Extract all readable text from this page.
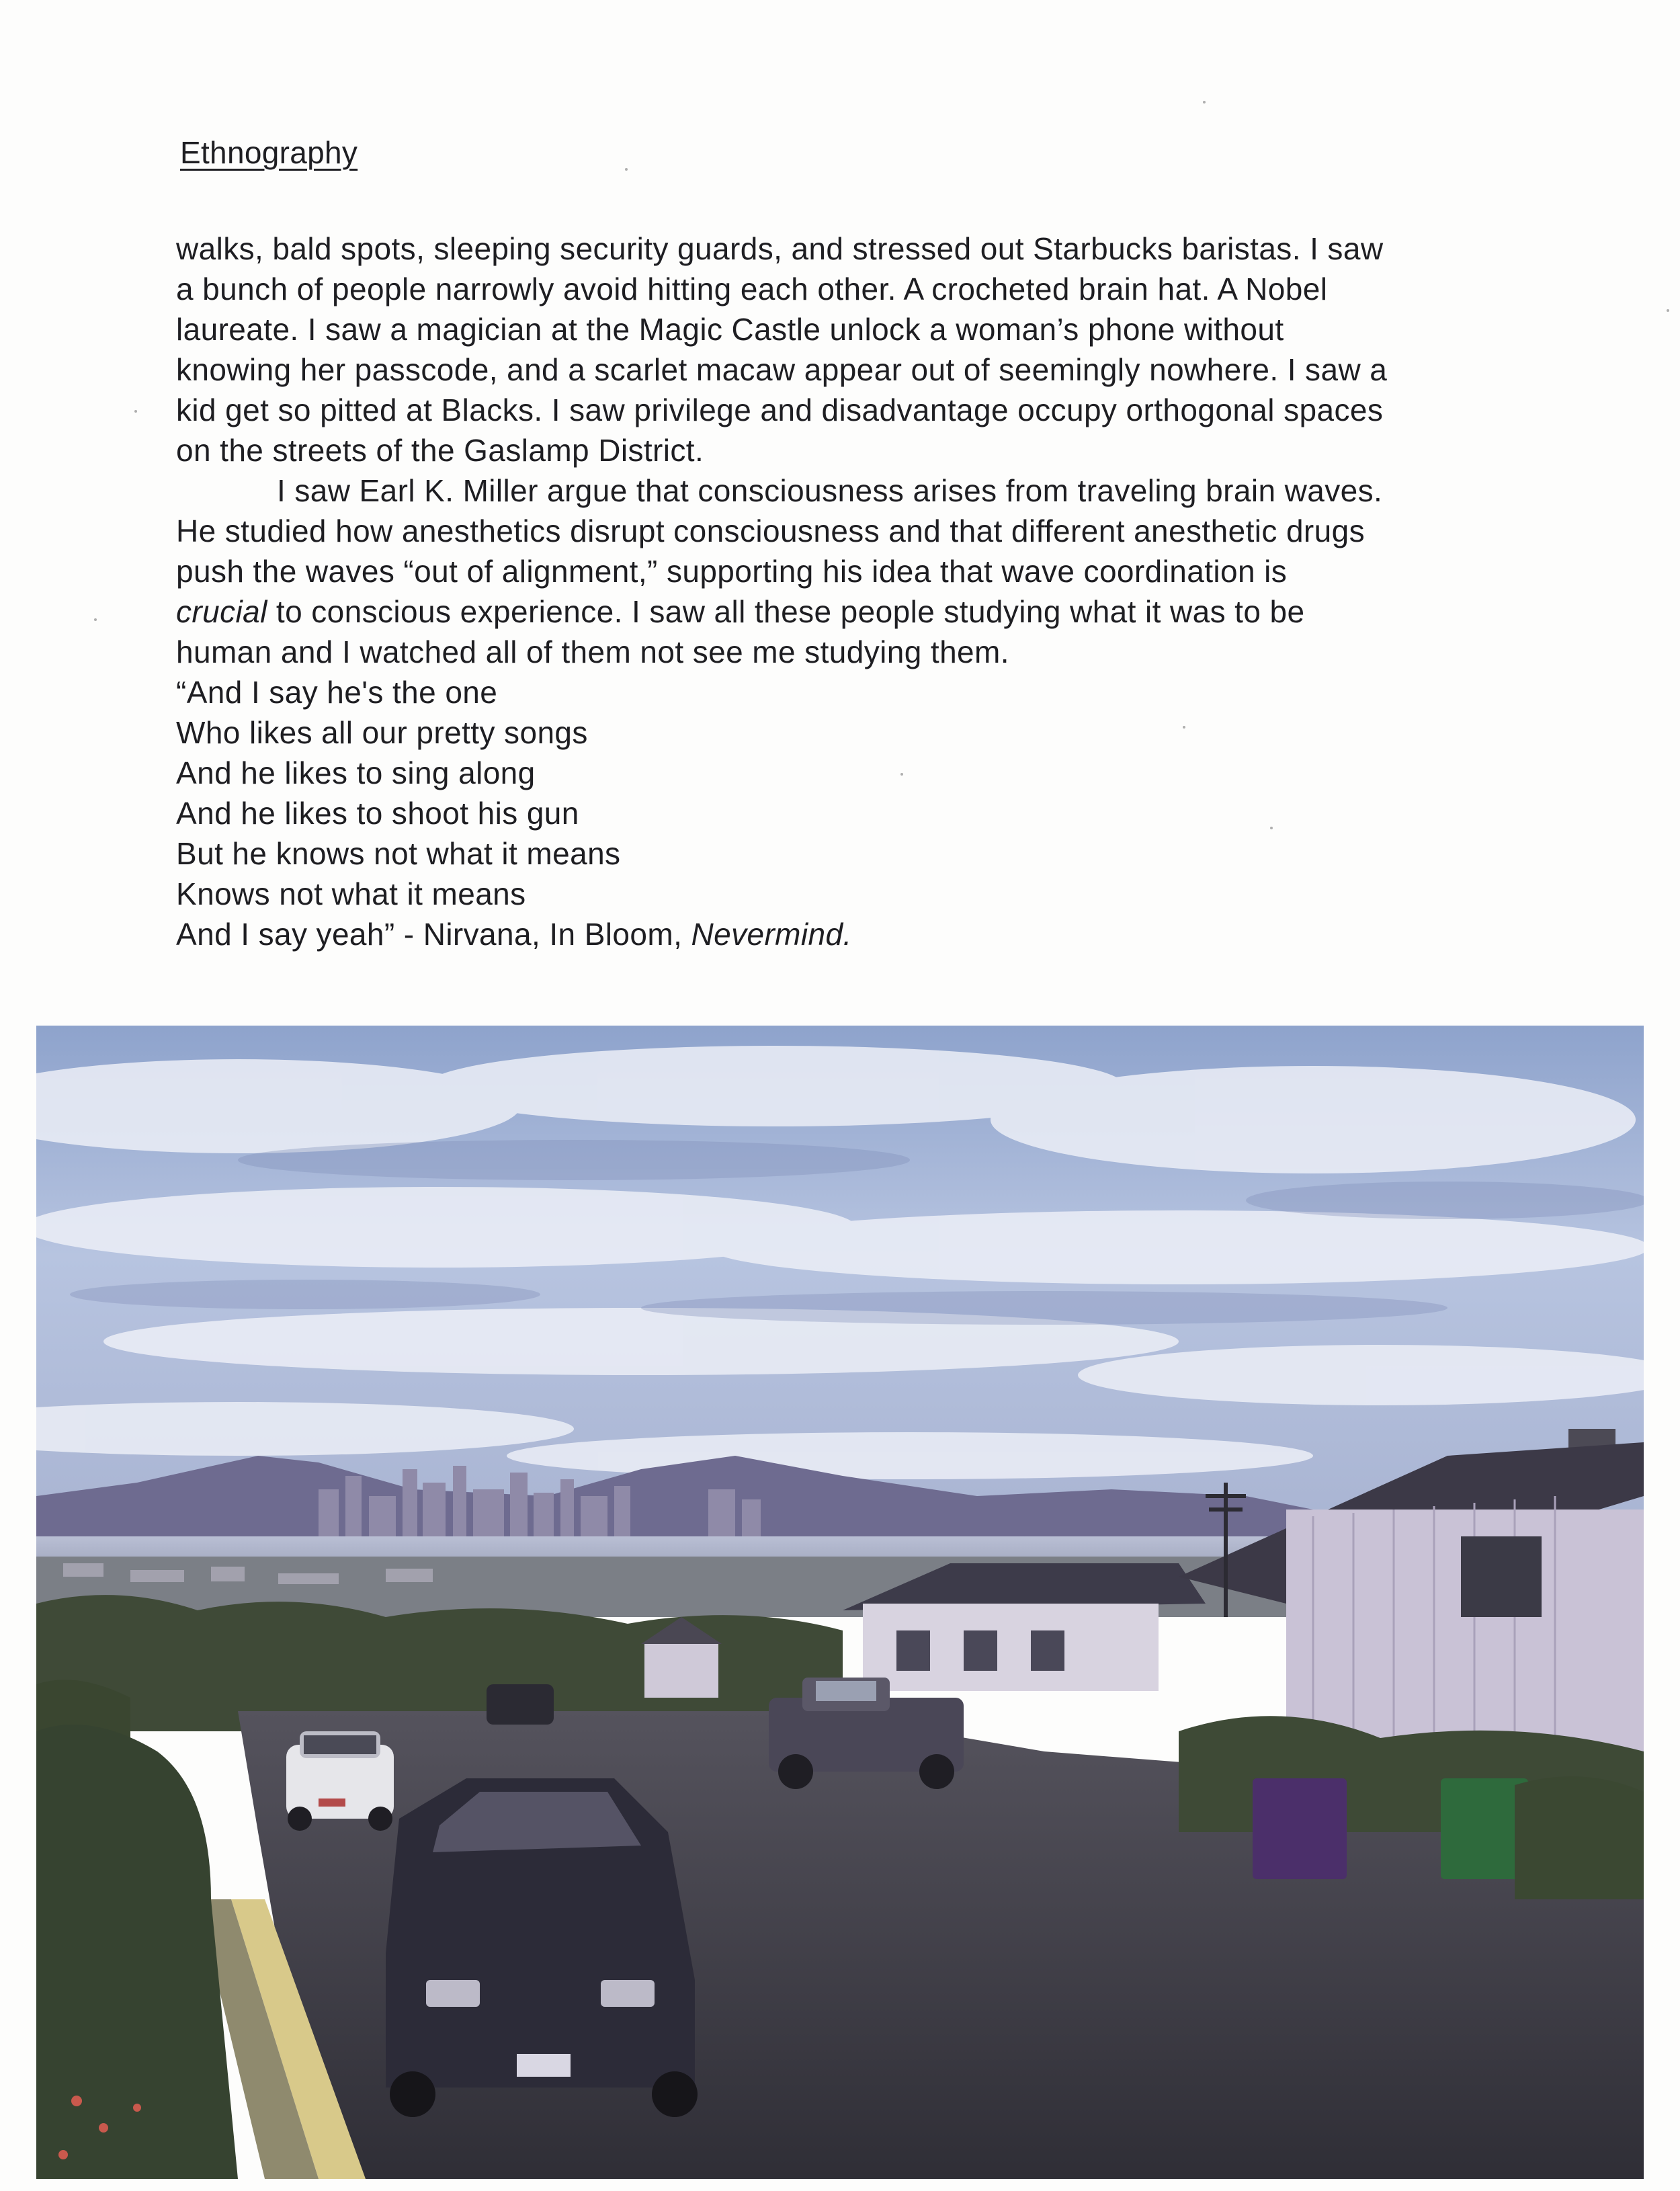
Ethnography
walks, bald spots, sleeping security guards, and stressed out Starbucks baristas. I saw
a bunch of people narrowly avoid hitting each other. A crocheted brain hat. A Nobel
laureate. I saw a magician at the Magic Castle unlock a woman’s phone without
knowing her passcode, and a scarlet macaw appear out of seemingly nowhere. I saw a
kid get so pitted at Blacks. I saw privilege and disadvantage occupy orthogonal spaces
on the streets of the Gaslamp District.
I saw Earl K. Miller argue that consciousness arises from traveling brain waves.
He studied how anesthetics disrupt consciousness and that different anesthetic drugs
push the waves “out of alignment,” supporting his idea that wave coordination is
crucial to conscious experience. I saw all these people studying what it was to be
human and I watched all of them not see me studying them.
“And I say he's the one
Who likes all our pretty songs
And he likes to sing along
And he likes to shoot his gun
But he knows not what it means
Knows not what it means
And I say yeah” - Nirvana, In Bloom, Nevermind.
